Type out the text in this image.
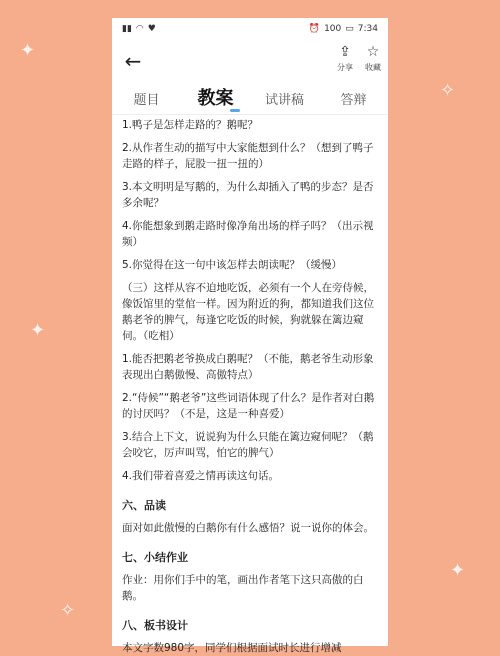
✦
✧
✦
✦
✧
▮▮ ◠ ♥	⏰ 100 ▭ 7:34
←	⇪
分享
☆
收藏
题目	教案	试讲稿	答辩

1.鸭子是怎样走路的？鹅呢？

2.从作者生动的描写中大家能想到什么？（想到了鸭子走路的样子，屁股一扭一扭的）

3.本文明明是写鹅的，为什么却插入了鸭的步态？是否多余呢？

4.你能想象到鹅走路时像净角出场的样子吗？（出示视频）

5.你觉得在这一句中该怎样去朗读呢？（缓慢）

（三）这样从容不迫地吃饭，必须有一个人在旁侍候，像饭馆里的堂倌一样。因为附近的狗，都知道我们这位鹅老爷的脾气，每逢它吃饭的时候，狗就躲在篱边窥伺。（吃相）

1.能否把鹅老爷换成白鹅呢？（不能，鹅老爷生动形象表现出白鹅傲慢、高傲特点）

2.“侍候”“鹅老爷”这些词语体现了什么？是作者对白鹅的讨厌吗？（不是，这是一种喜爱）

3.结合上下文，说说狗为什么只能在篱边窥伺呢？（鹅会咬它，厉声叫骂，怕它的脾气）

4.我们带着喜爱之情再读这句话。

六、品读

面对如此傲慢的白鹅你有什么感悟？说一说你的体会。

七、小结作业

作业：用你们手中的笔，画出作者笔下这只高傲的白鹅。

八、板书设计

本文字数980字，同学们根据面试时长进行增减
